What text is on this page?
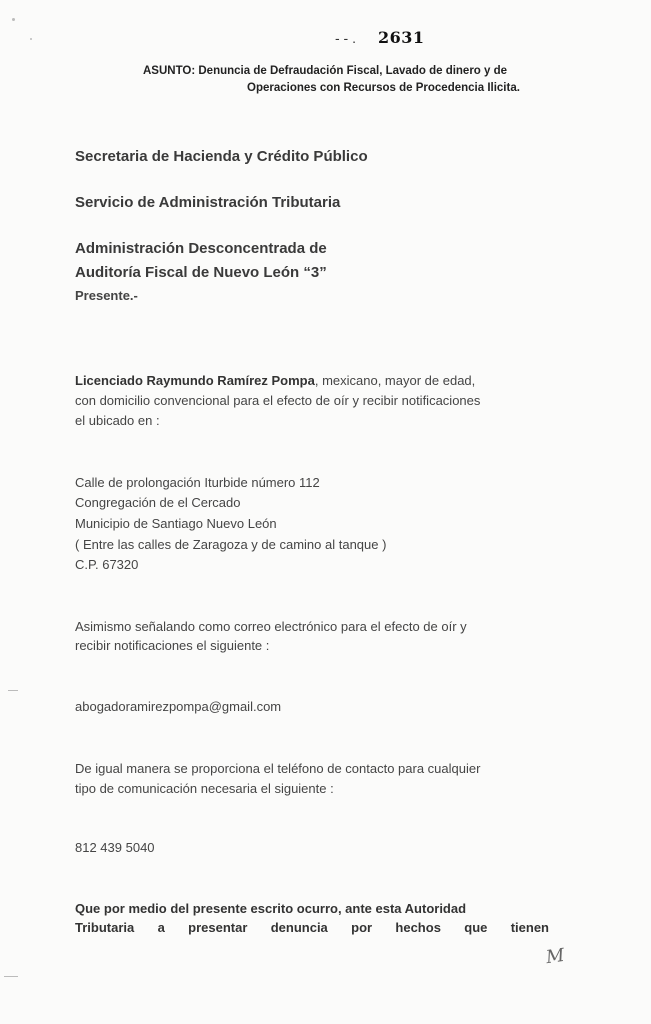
- - . 2631
ASUNTO: Denuncia de Defraudación Fiscal, Lavado de dinero y de
Operaciones con Recursos de Procedencia Ilicita.
Secretaria de Hacienda y Crédito Público
Servicio de Administración Tributaria
Administración Desconcentrada de
Auditoría Fiscal de Nuevo León “3”
Presente.-
Licenciado Raymundo Ramírez Pompa, mexicano, mayor de edad,
con domicilio convencional para el efecto de oír y recibir notificaciones
el ubicado en :
Calle de prolongación Iturbide número 112
Congregación de el Cercado
Municipio de Santiago Nuevo León
( Entre las calles de Zaragoza y de camino al tanque )
C.P. 67320
Asimismo señalando como correo electrónico para el efecto de oír y
recibir notificaciones el siguiente :
abogadoramirezpompa@gmail.com
De igual manera se proporciona el teléfono de contacto para cualquier
tipo de comunicación necesaria el siguiente :
812 439 5040
Que por medio del presente escrito ocurro, ante esta Autoridad
Tributaria a presentar denuncia por hechos que tienen
M
